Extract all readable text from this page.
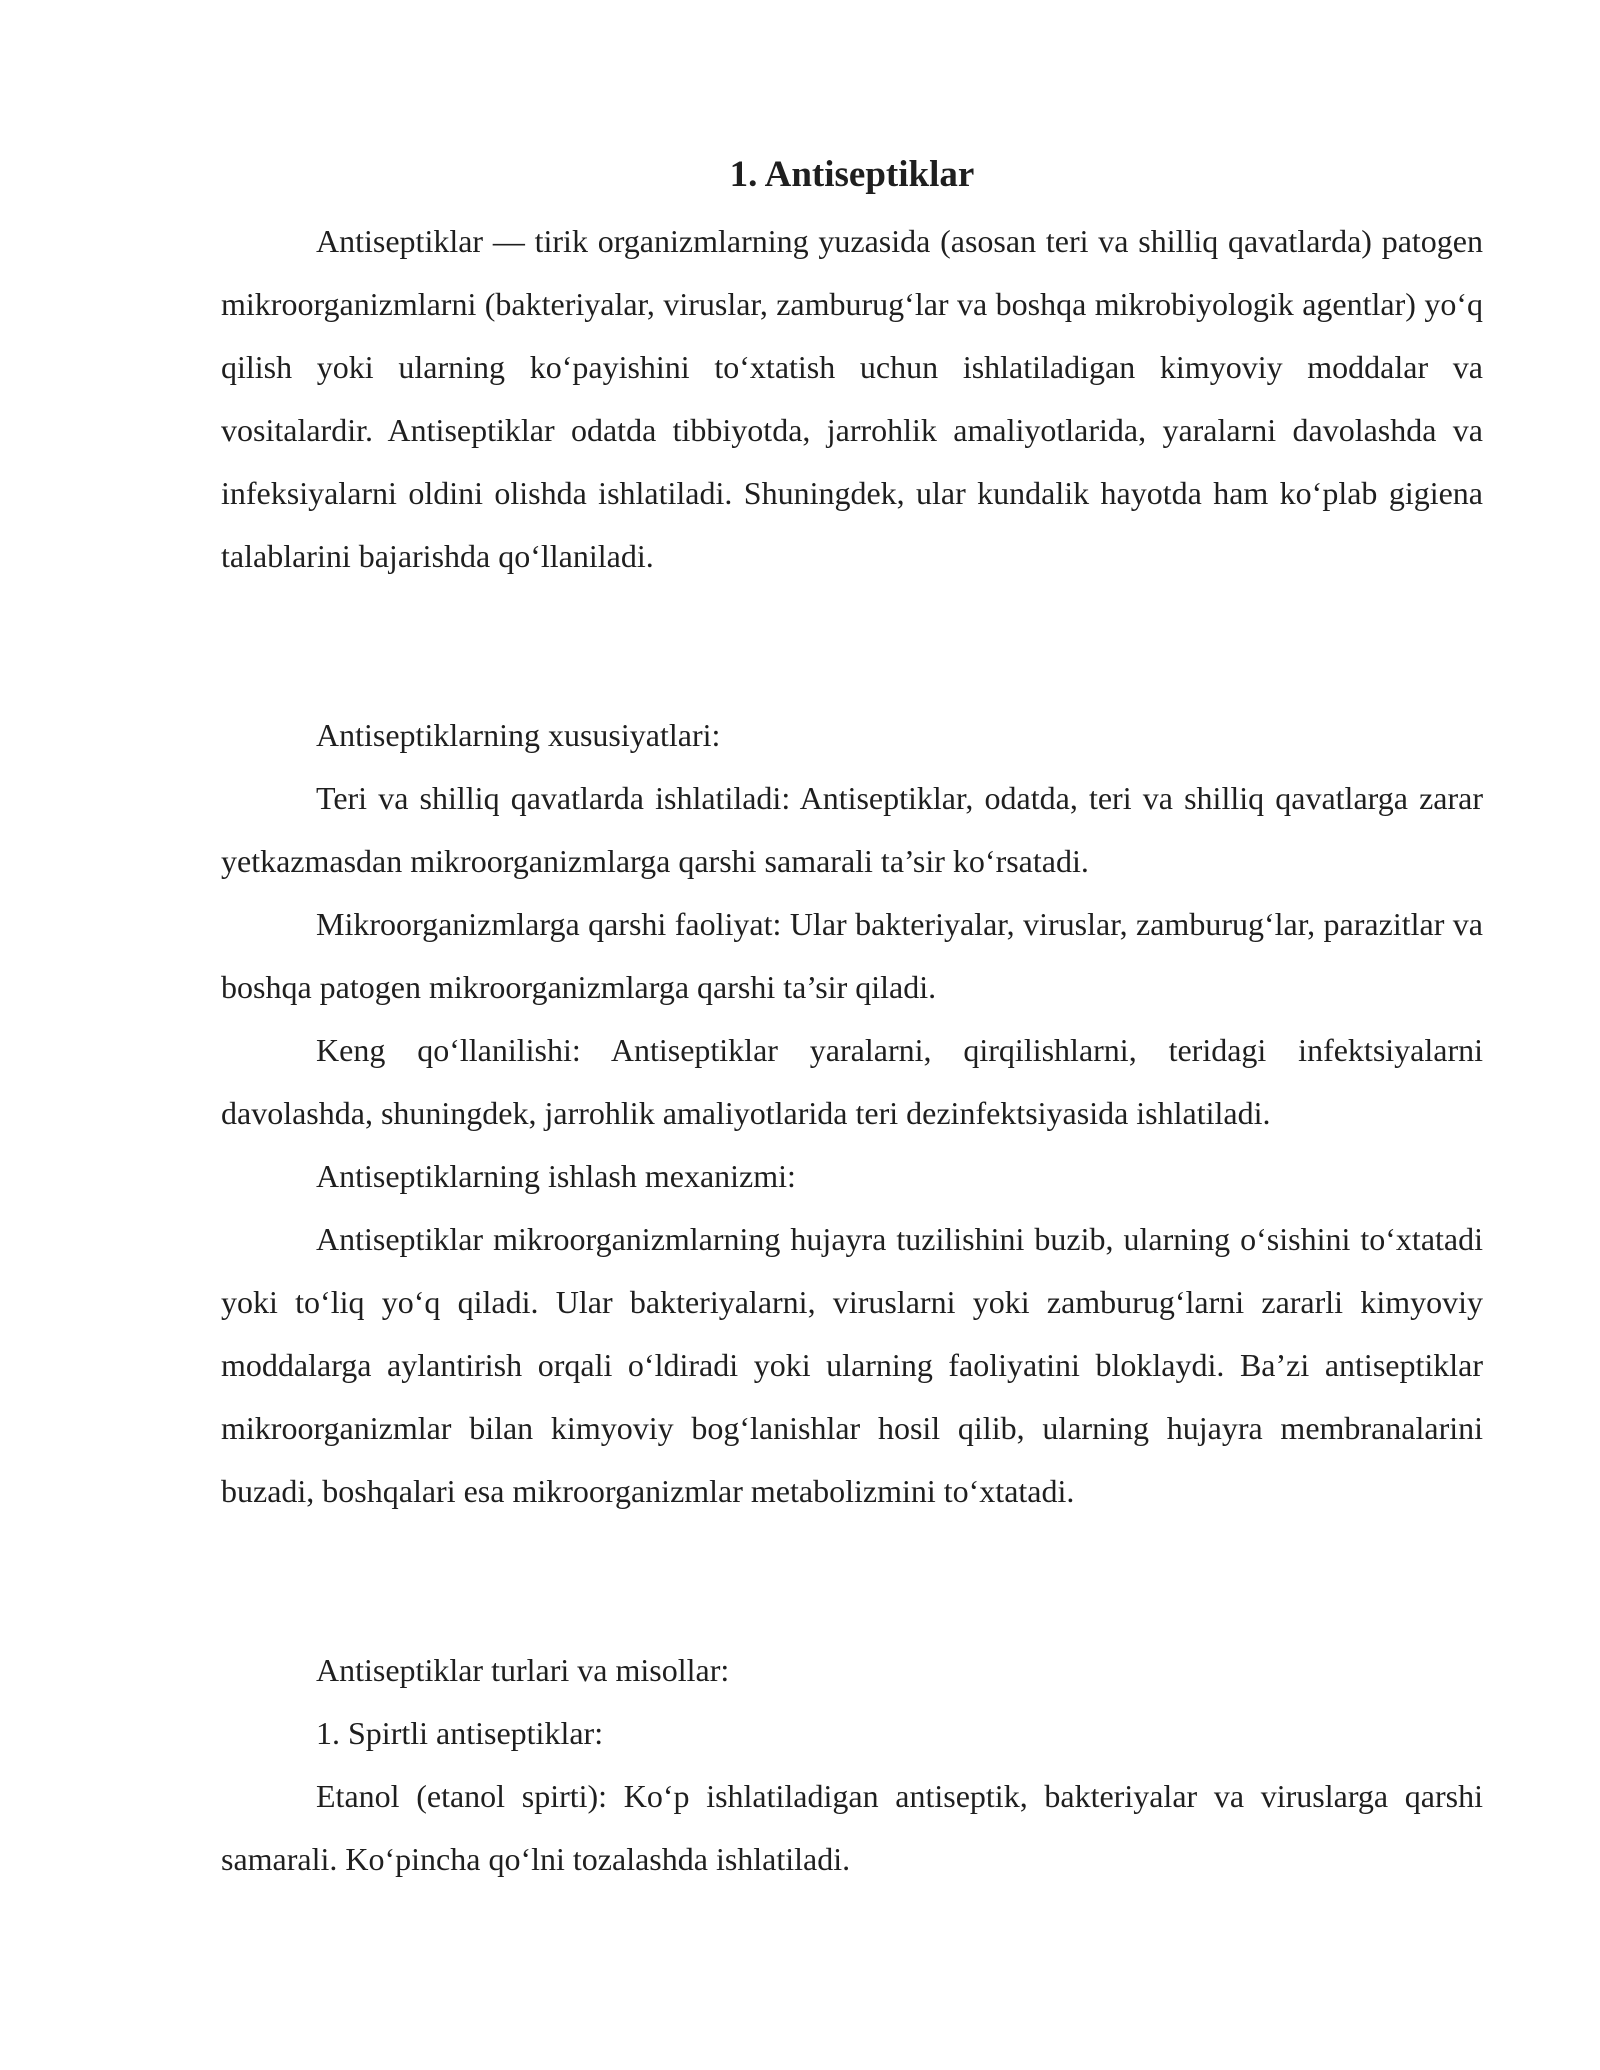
1. Antiseptiklar

Antiseptiklar — tirik organizmlarning yuzasida (asosan teri va shilliq qavatlarda) patogen mikroorganizmlarni (bakteriyalar, viruslar, zamburug‘lar va boshqa mikrobiyologik agentlar) yo‘q qilish yoki ularning ko‘payishini to‘xtatish uchun ishlatiladigan kimyoviy moddalar va vositalardir. Antiseptiklar odatda tibbiyotda, jarrohlik amaliyotlarida, yaralarni davolashda va infeksiyalarni oldini olishda ishlatiladi. Shuningdek, ular kundalik hayotda ham ko‘plab gigiena talablarini bajarishda qo‘llaniladi.

Antiseptiklarning xususiyatlari:

Teri va shilliq qavatlarda ishlatiladi: Antiseptiklar, odatda, teri va shilliq qavatlarga zarar yetkazmasdan mikroorganizmlarga qarshi samarali ta’sir ko‘rsatadi.

Mikroorganizmlarga qarshi faoliyat: Ular bakteriyalar, viruslar, zamburug‘lar, parazitlar va boshqa patogen mikroorganizmlarga qarshi ta’sir qiladi.

Keng qo‘llanilishi: Antiseptiklar yaralarni, qirqilishlarni, teridagi infektsiyalarni davolashda, shuningdek, jarrohlik amaliyotlarida teri dezinfektsiyasida ishlatiladi.

Antiseptiklarning ishlash mexanizmi:

Antiseptiklar mikroorganizmlarning hujayra tuzilishini buzib, ularning o‘sishini to‘xtatadi yoki to‘liq yo‘q qiladi. Ular bakteriyalarni, viruslarni yoki zamburug‘larni zararli kimyoviy moddalarga aylantirish orqali o‘ldiradi yoki ularning faoliyatini bloklaydi. Ba’zi antiseptiklar mikroorganizmlar bilan kimyoviy bog‘lanishlar hosil qilib, ularning hujayra membranalarini buzadi, boshqalari esa mikroorganizmlar metabolizmini to‘xtatadi.

Antiseptiklar turlari va misollar:

1. Spirtli antiseptiklar:

Etanol (etanol spirti): Ko‘p ishlatiladigan antiseptik, bakteriyalar va viruslarga qarshi samarali. Ko‘pincha qo‘lni tozalashda ishlatiladi.
